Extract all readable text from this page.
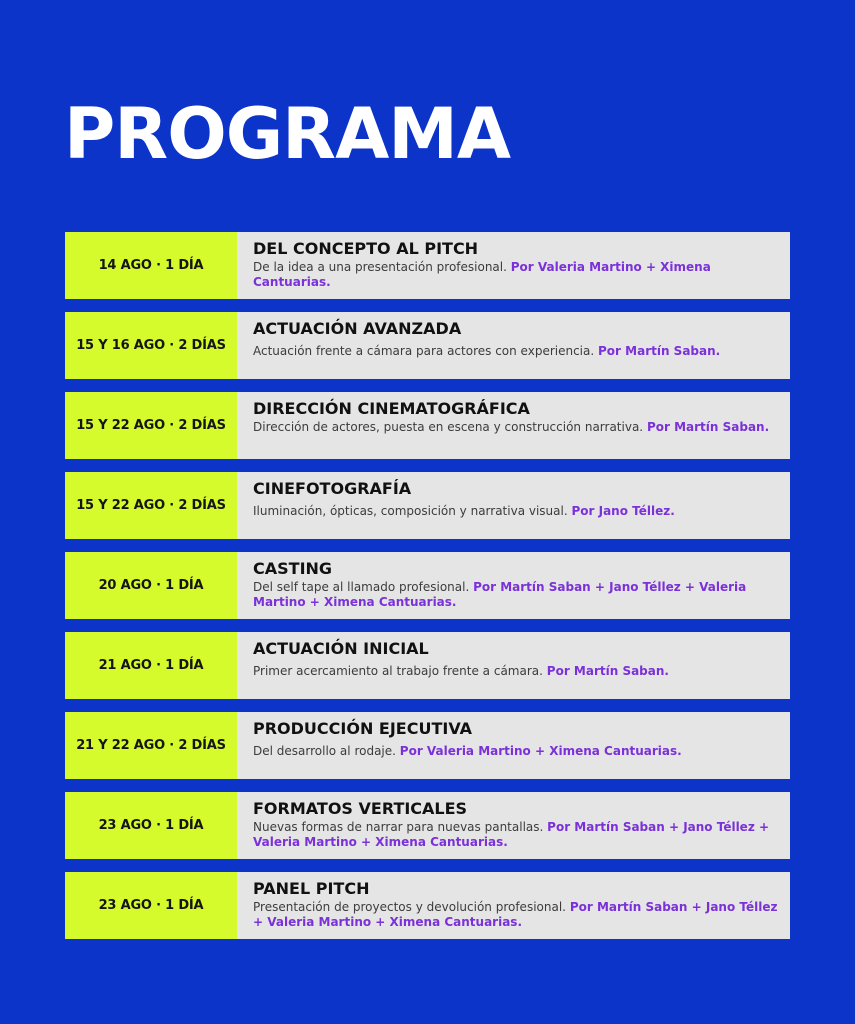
PROGRAMA
14 AGO · 1 DÍA
DEL CONCEPTO AL PITCH
De la idea a una presentación profesional. Por Valeria Martino + Ximena Cantuarias.
15 Y 16 AGO · 2 DÍAS
ACTUACIÓN AVANZADA
Actuación frente a cámara para actores con experiencia. Por Martín Saban.
15 Y 22 AGO · 2 DÍAS
DIRECCIÓN CINEMATOGRÁFICA
Dirección de actores, puesta en escena y construcción narrativa. Por Martín Saban.
15 Y 22 AGO · 2 DÍAS
CINEFOTOGRAFÍA
Iluminación, ópticas, composición y narrativa visual. Por Jano Téllez.
20 AGO · 1 DÍA
CASTING
Del self tape al llamado profesional. Por Martín Saban + Jano Téllez + Valeria Martino + Ximena Cantuarias.
21 AGO · 1 DÍA
ACTUACIÓN INICIAL
Primer acercamiento al trabajo frente a cámara. Por Martín Saban.
21 Y 22 AGO · 2 DÍAS
PRODUCCIÓN EJECUTIVA
Del desarrollo al rodaje. Por Valeria Martino + Ximena Cantuarias.
23 AGO · 1 DÍA
FORMATOS VERTICALES
Nuevas formas de narrar para nuevas pantallas. Por Martín Saban + Jano Téllez + Valeria Martino + Ximena Cantuarias.
23 AGO · 1 DÍA
PANEL PITCH
Presentación de proyectos y devolución profesional. Por Martín Saban + Jano Téllez + Valeria Martino + Ximena Cantuarias.
